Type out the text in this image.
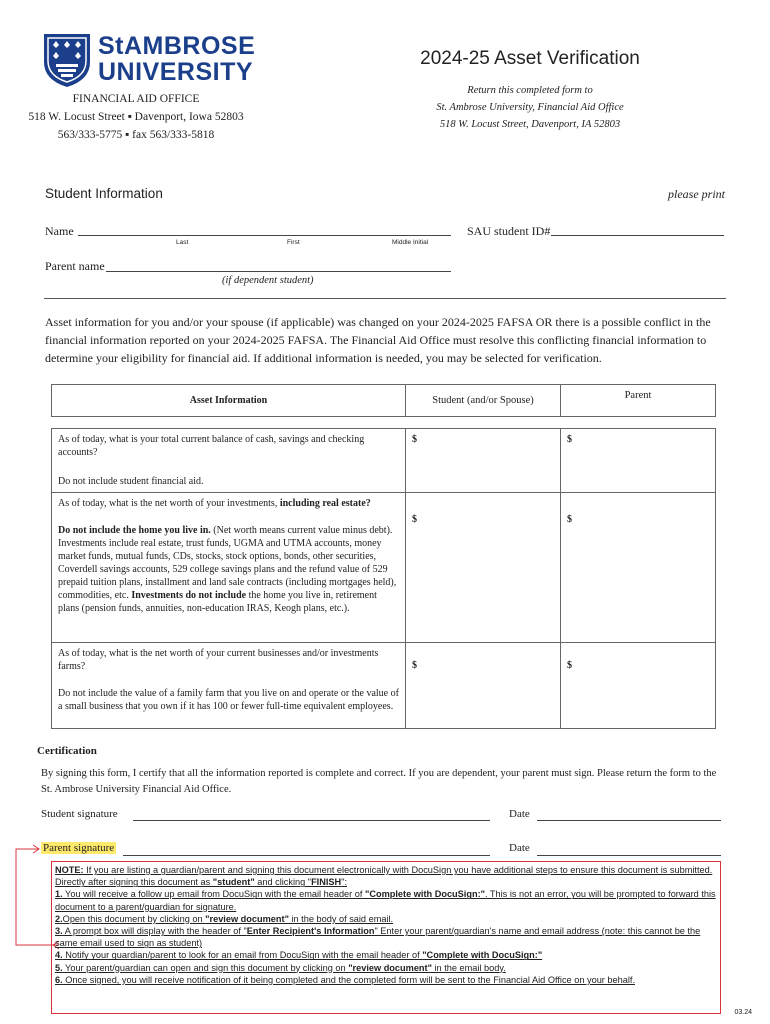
StAMBROSE
UNIVERSITY
FINANCIAL AID OFFICE
518 W. Locust Street ▪ Davenport, Iowa 52803
563/333-5775 ▪ fax 563/333-5818
2024-25 Asset Verification
Return this completed form to
St. Ambrose University, Financial Aid Office
518 W. Locust Street, Davenport, IA 52803
Student Information	please print
Name
Last	First	Middle Initial
SAU student ID#
Parent name
(if dependent student)
Asset information for you and/or your spouse (if applicable) was changed on your 2024-2025 FAFSA OR there is a possible conflict in the financial information reported on your 2024-2025 FAFSA. The Financial Aid Office must resolve this conflicting financial information to determine your eligibility for financial aid. If additional information is needed, you may be selected for verification.
Asset Information	Student (and/or Spouse)	Parent

As of today, what is your total current balance of cash, savings and checking accounts?
Do not include student financial aid.	$	$

As of today, what is the net worth of your investments, including real estate?
Do not include the home you live in. (Net worth means current value minus debt). Investments include real estate, trust funds, UGMA and UTMA accounts, money market funds, mutual funds, CDs, stocks, stock options, bonds, other securities, Coverdell savings accounts, 529 college savings plans and the refund value of 529 prepaid tuition plans, installment and land sale contracts (including mortgages held), commodities, etc. Investments do not include the home you live in, retirement plans (pension funds, annuities, non-education IRAS, Keogh plans, etc.).	$	$

As of today, what is the net worth of your current businesses and/or investments farms?
Do not include the value of a family farm that you live on and operate or the value of a small business that you own if it has 100 or fewer full-time equivalent employees.	$	$
Certification
By signing this form, I certify that all the information reported is complete and correct. If you are dependent, your parent must sign. Please return the form to the St. Ambrose University Financial Aid Office.
Student signature	Date
Parent signature	Date

NOTE: If you are listing a guardian/parent and signing this document electronically with DocuSign you have additional steps to ensure this document is submitted. Directly after signing this document as "student" and clicking "FINISH":

1. You will receive a follow up email from DocuSign with the email header of "Complete with DocuSign:". This is not an error, you will be prompted to forward this document to a parent/guardian for signature.

2.Open this document by clicking on "review document" in the body of said email.

3. A prompt box will display with the header of "Enter Recipient's Information" Enter your parent/guardian's name and email address (note: this cannot be the same email used to sign as student)

4. Notify your guardian/parent to look for an email from DocuSign with the email header of "Complete with DocuSign:"

5. Your parent/guardian can open and sign this document by clicking on "review document" in the email body.

6. Once signed, you will receive notification of it being completed and the completed form will be sent to the Financial Aid Office on your behalf.

03.24
